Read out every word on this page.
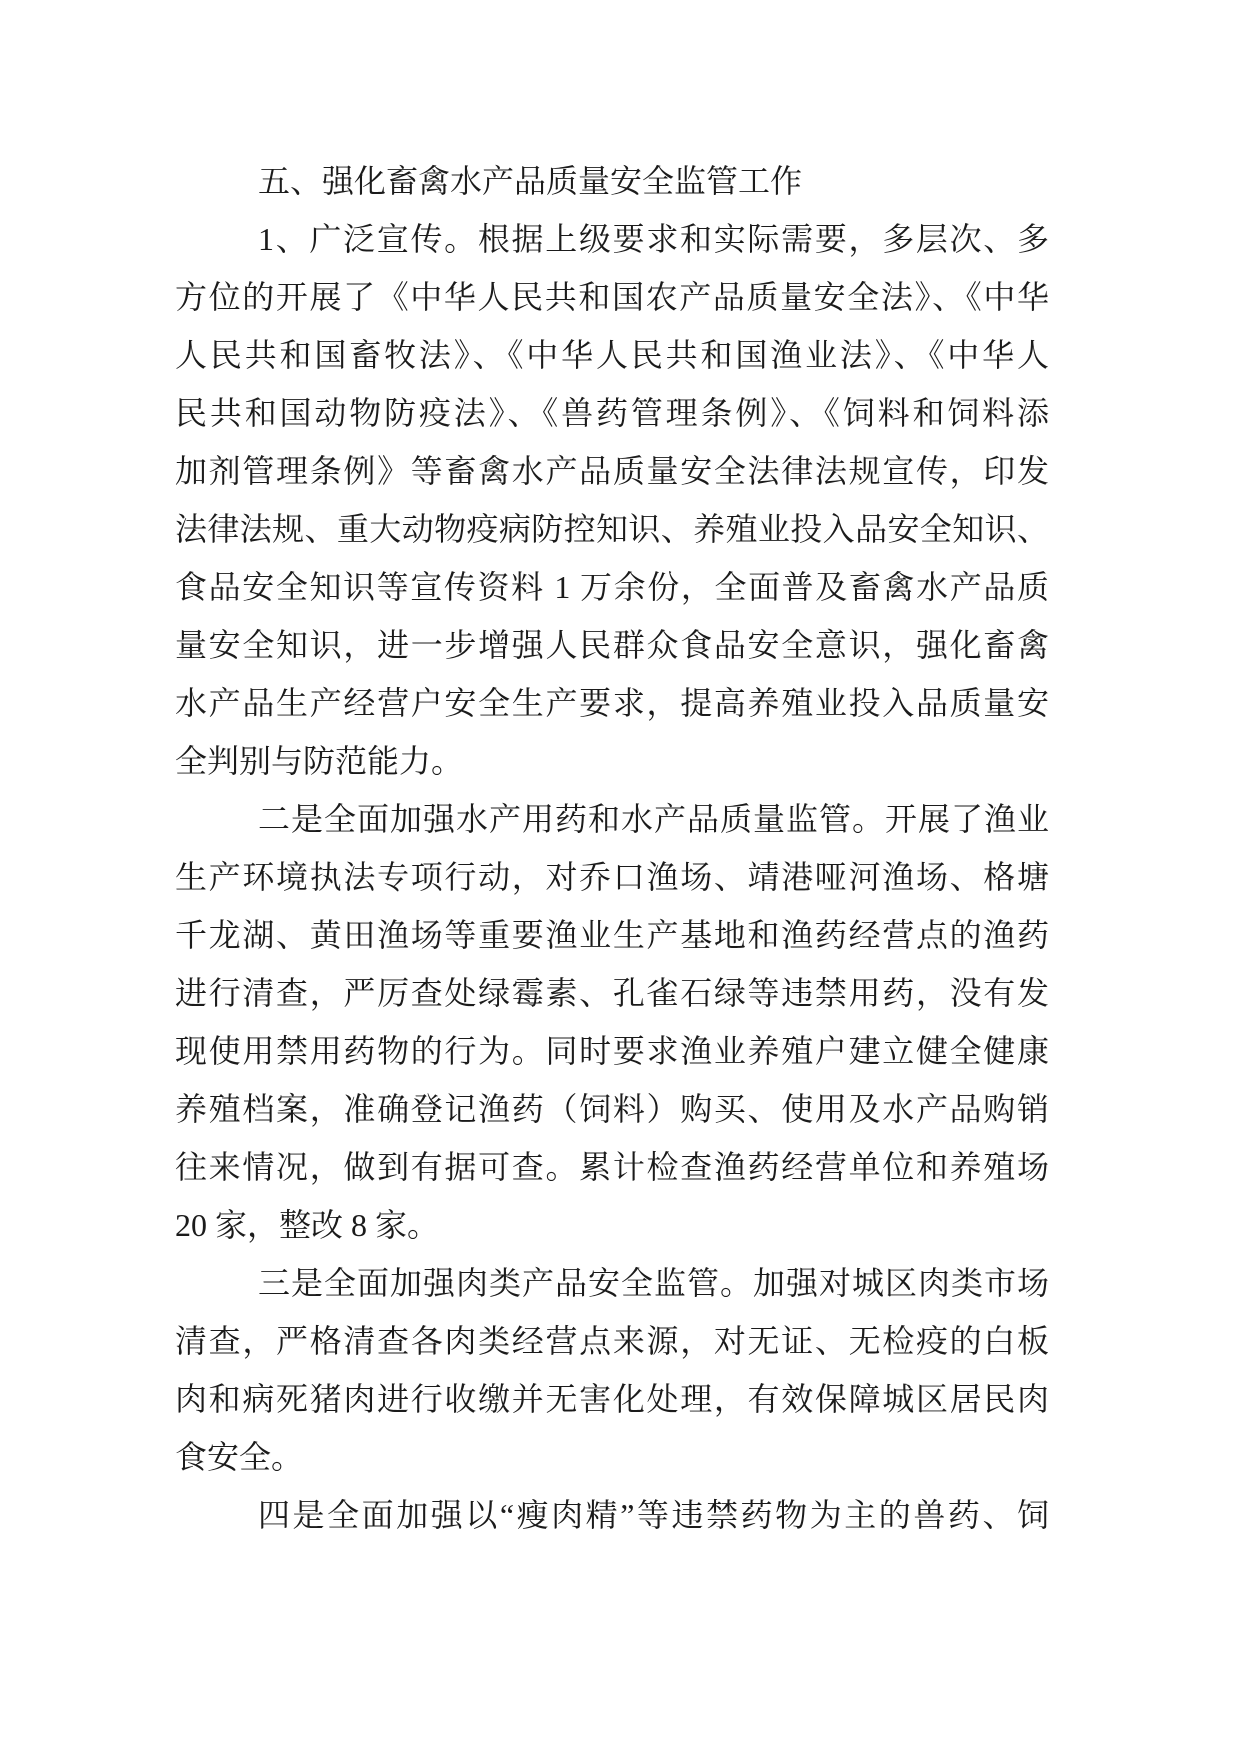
五、强化畜禽水产品质量安全监管工作

1、广泛宣传。根据上级要求和实际需要，多层次、多
方位的开展了《中华人民共和国农产品质量安全法》、《中华
人民共和国畜牧法》、《中华人民共和国渔业法》、《中华人
民共和国动物防疫法》、《兽药管理条例》、《饲料和饲料添
加剂管理条例》等畜禽水产品质量安全法律法规宣传，印发
法律法规、重大动物疫病防控知识、养殖业投入品安全知识、
食品安全知识等宣传资料 1 万余份，全面普及畜禽水产品质
量安全知识，进一步增强人民群众食品安全意识，强化畜禽
水产品生产经营户安全生产要求，提高养殖业投入品质量安
全判别与防范能力。

二是全面加强水产用药和水产品质量监管。开展了渔业
生产环境执法专项行动，对乔口渔场、靖港哑河渔场、格塘
千龙湖、黄田渔场等重要渔业生产基地和渔药经营点的渔药
进行清查，严厉查处绿霉素、孔雀石绿等违禁用药，没有发
现使用禁用药物的行为。同时要求渔业养殖户建立健全健康
养殖档案，准确登记渔药（饲料）购买、使用及水产品购销
往来情况，做到有据可查。累计检查渔药经营单位和养殖场
20 家，整改 8 家。

三是全面加强肉类产品安全监管。加强对城区肉类市场
清查，严格清查各肉类经营点来源，对无证、无检疫的白板
肉和病死猪肉进行收缴并无害化处理，有效保障城区居民肉
食安全。

四是全面加强以“瘦肉精”等违禁药物为主的兽药、饲
